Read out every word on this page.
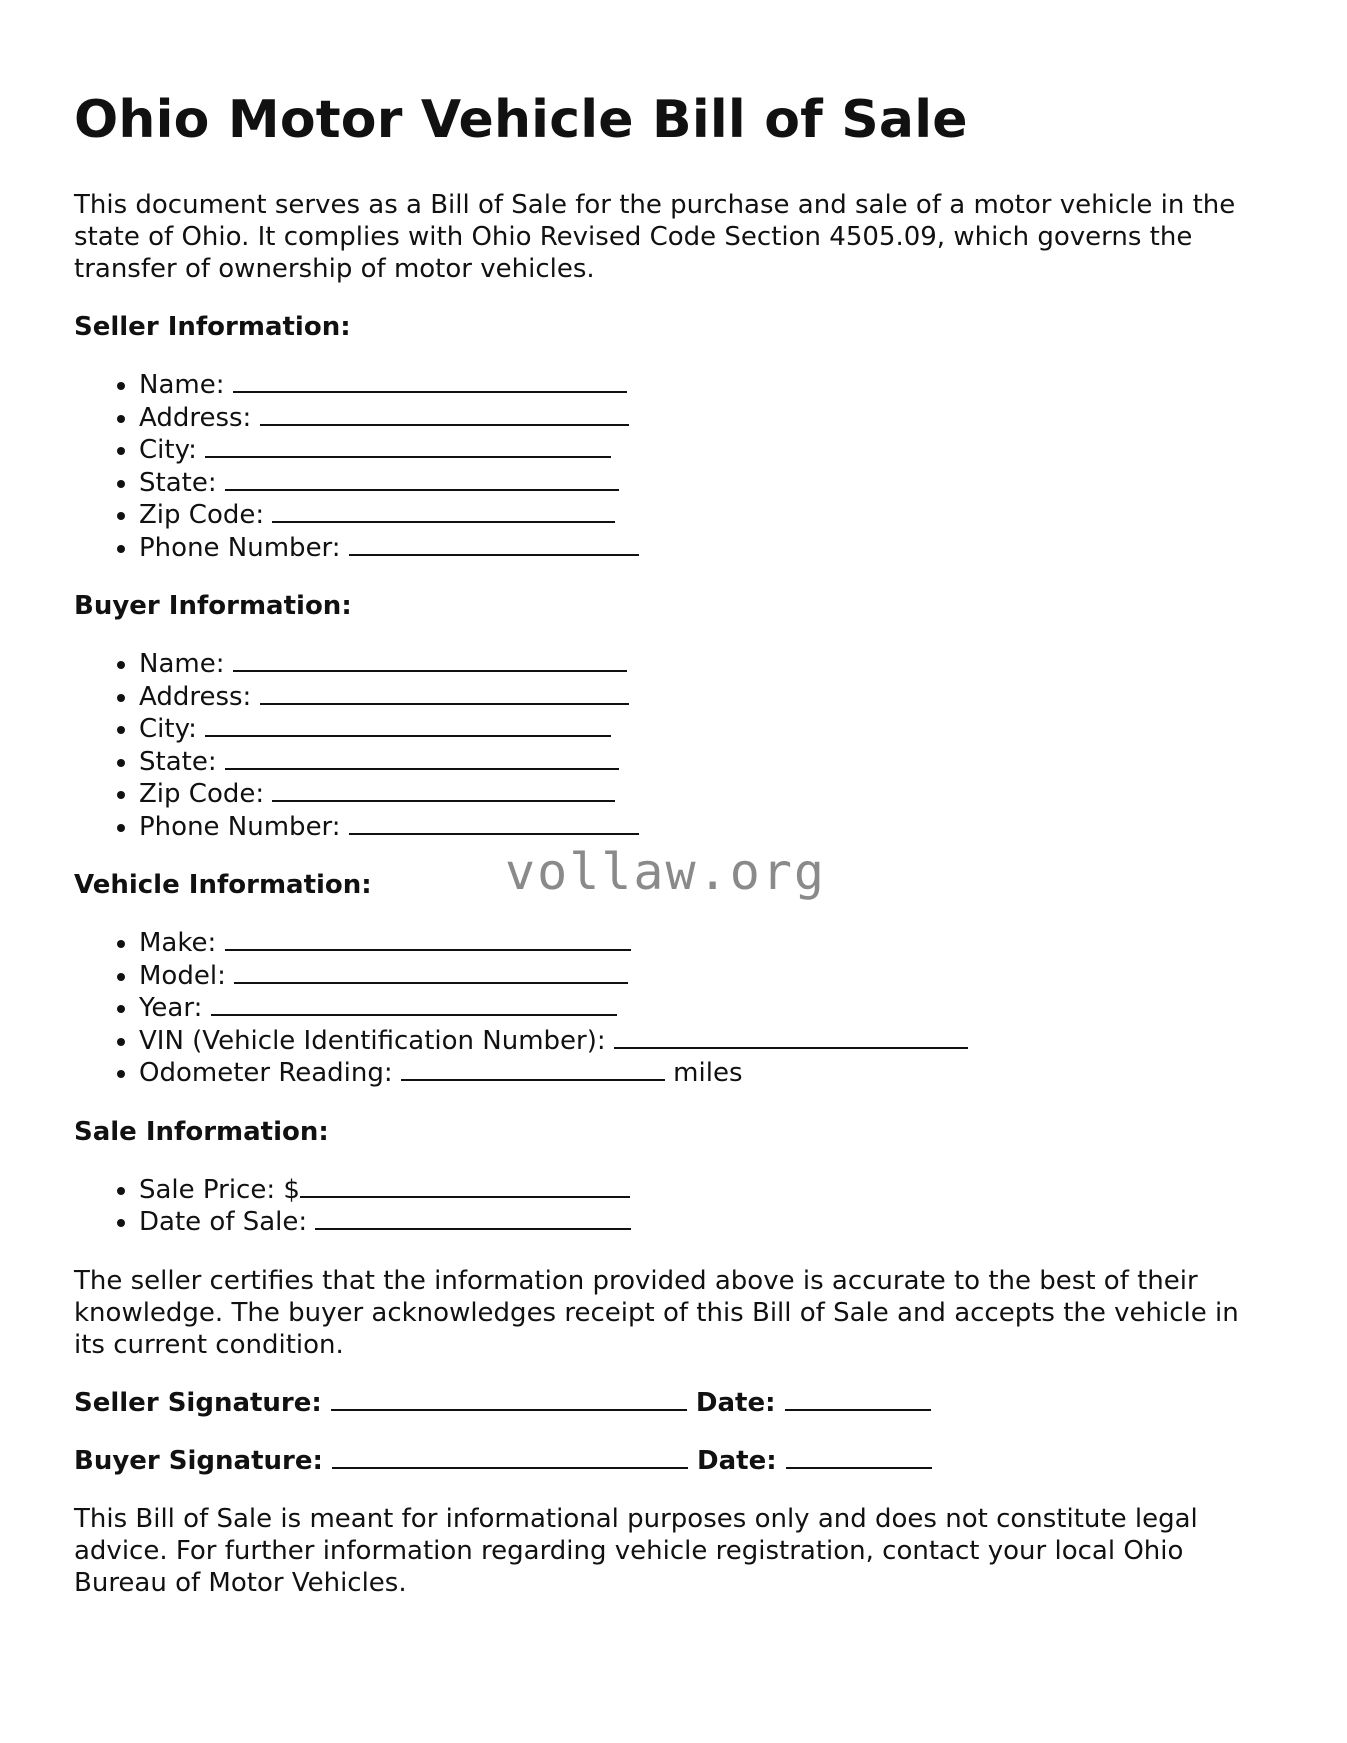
Ohio Motor Vehicle Bill of Sale

This document serves as a Bill of Sale for the purchase and sale of a motor vehicle in the state of Ohio. It complies with Ohio Revised Code Section 4505.09, which governs the transfer of ownership of motor vehicles.

Seller Information:
• Name:
• Address:
• City:
• State:
• Zip Code:
• Phone Number:
Buyer Information:
• Name:
• Address:
• City:
• State:
• Zip Code:
• Phone Number:
Vehicle Information:
• Make:
• Model:
• Year:
• VIN (Vehicle Identification Number):
• Odometer Reading:	miles
Sale Information:
• Sale Price: $
• Date of Sale:

The seller certifies that the information provided above is accurate to the best of their knowledge. The buyer acknowledges receipt of this Bill of Sale and accepts the vehicle in its current condition.

Seller Signature:	Date:
Buyer Signature:	Date:

This Bill of Sale is meant for informational purposes only and does not constitute legal advice. For further information regarding vehicle registration, contact your local Ohio Bureau of Motor Vehicles.

vollaw.org
